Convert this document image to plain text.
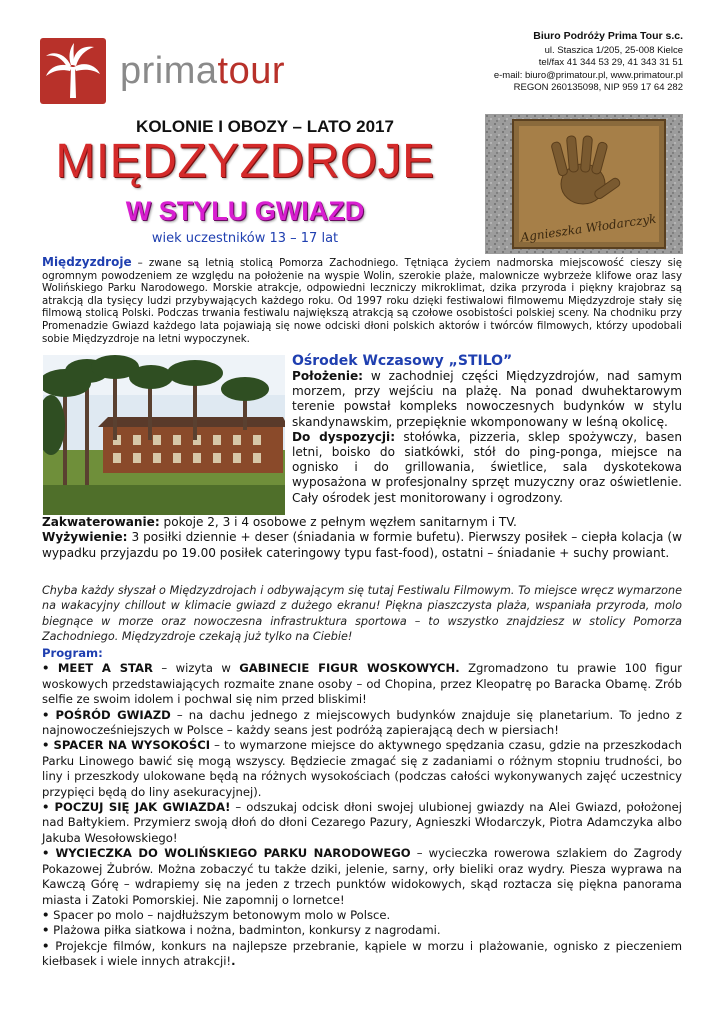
primatour
Biuro Podróży Prima Tour s.c.
ul. Staszica 1/205, 25-008 Kielce
tel/fax 41 344 53 29, 41 343 31 51
e-mail: biuro@primatour.pl, www.primatour.pl
REGON 260135098, NIP 959 17 64 282
KOLONIE I OBOZY – LATO 2017
MIĘDZYZDROJE
W STYLU GWIAZD
wiek uczestników 13 – 17 lat	Agnieszka Włodarczyk

Międzyzdroje – zwane są letnią stolicą Pomorza Zachodniego. Tętniąca życiem nadmorska miejscowość cieszy się ogromnym powodzeniem ze względu na położenie na wyspie Wolin, szerokie plaże, malownicze wybrzeże klifowe oraz lasy Wolińskiego Parku Narodowego. Morskie atrakcje, odpowiedni leczniczy mikroklimat, dzika przyroda i piękny krajobraz są atrakcją dla tysięcy ludzi przybywających każdego roku. Od 1997 roku dzięki festiwalowi filmowemu Międzyzdroje stały się filmową stolicą Polski. Podczas trwania festiwalu największą atrakcją są czołowe osobistości polskiej sceny. Na chodniku przy Promenadzie Gwiazd każdego lata pojawiają się nowe odciski dłoni polskich aktorów i twórców filmowych, którzy upodobali sobie Międzyzdroje na letni wypoczynek.

Ośrodek Wczasowy „STILO”

Położenie: w zachodniej części Międzyzdrojów, nad samym morzem, przy wejściu na plażę. Na ponad dwuhektarowym terenie powstał kompleks nowoczesnych budynków w stylu skandynawskim, przepięknie wkomponowany w leśną okolicę.

Do dyspozycji: stołówka, pizzeria, sklep spożywczy, basen letni, boisko do siatkówki, stół do ping-ponga, miejsce na ognisko i do grillowania, świetlice, sala dyskotekowa wyposażona w profesjonalny sprzęt muzyczny oraz oświetlenie. Cały ośrodek jest monitorowany i ogrodzony.

Zakwaterowanie: pokoje 2, 3 i 4 osobowe z pełnym węzłem sanitarnym i TV.

Wyżywienie: 3 posiłki dziennie + deser (śniadania w formie bufetu). Pierwszy posiłek – ciepła kolacja (w wypadku przyjazdu po 19.00 posiłek cateringowy typu fast-food), ostatni – śniadanie + suchy prowiant.

Chyba każdy słyszał o Międzyzdrojach i odbywającym się tutaj Festiwalu Filmowym. To miejsce wręcz wymarzone na wakacyjny chillout w klimacie gwiazd z dużego ekranu! Piękna piaszczysta plaża, wspaniała przyroda, molo biegnące w morze oraz nowoczesna infrastruktura sportowa – to wszystko znajdziesz w stolicy Pomorza Zachodniego. Międzyzdroje czekają już tylko na Ciebie!

Program:

• MEET A STAR – wizyta w GABINECIE FIGUR WOSKOWYCH. Zgromadzono tu prawie 100 figur woskowych przedstawiających rozmaite znane osoby – od Chopina, przez Kleopatrę po Baracka Obamę. Zrób selfie ze swoim idolem i pochwal się nim przed bliskimi!

• POŚRÓD GWIAZD – na dachu jednego z miejscowych budynków znajduje się planetarium. To jedno z najnowocześniejszych w Polsce – każdy seans jest podróżą zapierającą dech w piersiach!

• SPACER NA WYSOKOŚCI – to wymarzone miejsce do aktywnego spędzania czasu, gdzie na przeszkodach Parku Linowego bawić się mogą wszyscy. Będziecie zmagać się z zadaniami o różnym stopniu trudności, bo liny i przeszkody ulokowane będą na różnych wysokościach (podczas całości wykonywanych zajęć uczestnicy przypięci będą do liny asekuracyjnej).

• POCZUJ SIĘ JAK GWIAZDA! – odszukaj odcisk dłoni swojej ulubionej gwiazdy na Alei Gwiazd, położonej nad Bałtykiem. Przymierz swoją dłoń do dłoni Cezarego Pazury, Agnieszki Włodarczyk, Piotra Adamczyka albo Jakuba Wesołowskiego!

• WYCIECZKA DO WOLIŃSKIEGO PARKU NARODOWEGO – wycieczka rowerowa szlakiem do Zagrody Pokazowej Żubrów. Można zobaczyć tu także dziki, jelenie, sarny, orły bieliki oraz wydry. Piesza wyprawa na Kawczą Górę – wdrapiemy się na jeden z trzech punktów widokowych, skąd roztacza się piękna panorama miasta i Zatoki Pomorskiej. Nie zapomnij o lornetce!

• Spacer po molo – najdłuższym betonowym molo w Polsce.

• Plażowa piłka siatkowa i nożna, badminton, konkursy z nagrodami.

• Projekcje filmów, konkurs na najlepsze przebranie, kąpiele w morzu i plażowanie, ognisko z pieczeniem kiełbasek i wiele innych atrakcji!.
